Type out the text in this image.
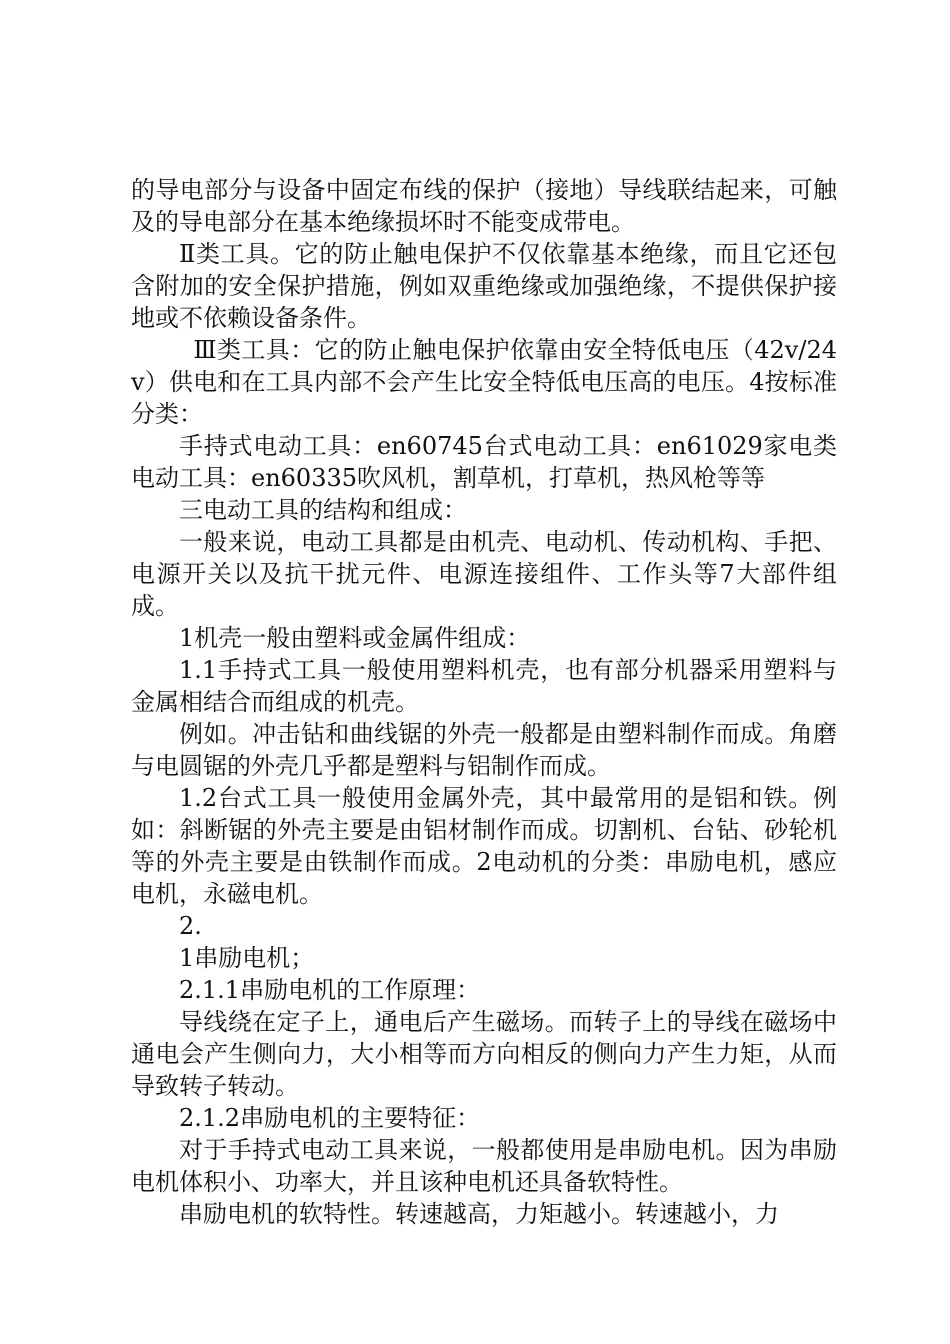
的导电部分与设备中固定布线的保护（接地）导线联结起来，可触及的导电部分在基本绝缘损坏时不能变成带电。

Ⅱ类工具。它的防止触电保护不仅依靠基本绝缘，而且它还包含附加的安全保护措施，例如双重绝缘或加强绝缘，不提供保护接地或不依赖设备条件。

Ⅲ类工具：它的防止触电保护依靠由安全特低电压（42v/24v）供电和在工具内部不会产生比安全特低电压高的电压。4按标准分类：

手持式电动工具：en60745台式电动工具：en61029家电类电动工具：en60335吹风机，割草机，打草机，热风枪等等

三电动工具的结构和组成：

一般来说，电动工具都是由机壳、电动机、传动机构、手把、电源开关以及抗干扰元件、电源连接组件、工作头等7大部件组成。

1机壳一般由塑料或金属件组成：

1.1手持式工具一般使用塑料机壳，也有部分机器采用塑料与金属相结合而组成的机壳。

例如。冲击钻和曲线锯的外壳一般都是由塑料制作而成。角磨与电圆锯的外壳几乎都是塑料与铝制作而成。

1.2台式工具一般使用金属外壳，其中最常用的是铝和铁。例如：斜断锯的外壳主要是由铝材制作而成。切割机、台钻、砂轮机等的外壳主要是由铁制作而成。2电动机的分类：串励电机，感应电机，永磁电机。

2.

1串励电机；

2.1.1串励电机的工作原理：

导线绕在定子上，通电后产生磁场。而转子上的导线在磁场中通电会产生侧向力，大小相等而方向相反的侧向力产生力矩，从而导致转子转动。

2.1.2串励电机的主要特征：

对于手持式电动工具来说，一般都使用是串励电机。因为串励电机体积小、功率大，并且该种电机还具备软特性。

串励电机的软特性。转速越高，力矩越小。转速越小，力
